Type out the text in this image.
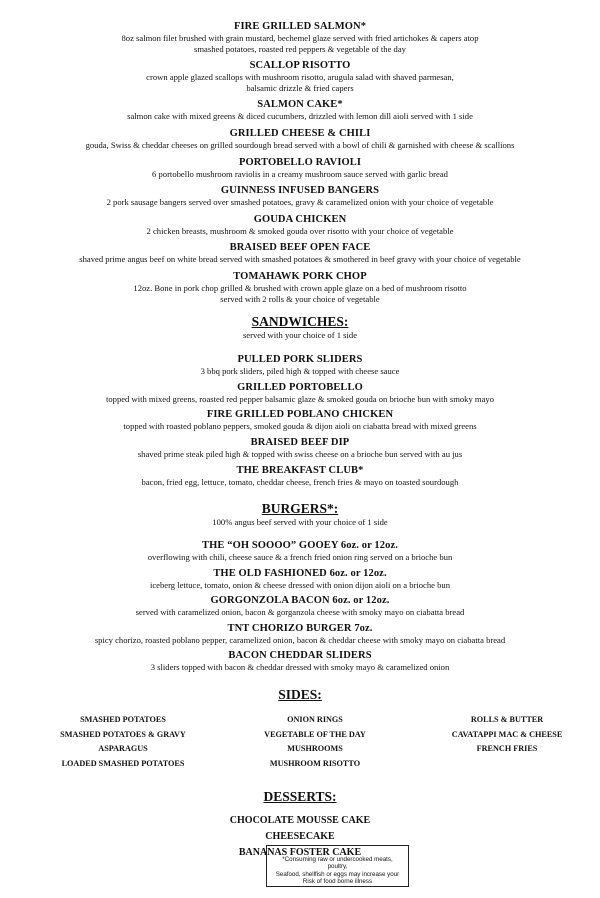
FIRE GRILLED SALMON*
8oz salmon filet brushed with grain mustard, bechemel glaze served with fried artichokes & capers atop
smashed potatoes, roasted red peppers & vegetable of the day
SCALLOP RISOTTO
crown apple glazed scallops with mushroom risotto, arugula salad with shaved parmesan,
balsamic drizzle & fried capers
SALMON CAKE*
salmon cake with mixed greens & diced cucumbers, drizzled with lemon dill aioli served with 1 side
GRILLED CHEESE & CHILI
gouda, Swiss & cheddar cheeses on grilled sourdough bread served with a bowl of chili & garnished with cheese & scallions
PORTOBELLO RAVIOLI
6 portobello mushroom raviolis in a creamy mushroom sauce served with garlic bread
GUINNESS INFUSED BANGERS
2 pork sausage bangers served over smashed potatoes, gravy & caramelized onion with your choice of vegetable
GOUDA CHICKEN
2 chicken breasts, mushroom & smoked gouda over risotto with your choice of vegetable
BRAISED BEEF OPEN FACE
shaved prime angus beef on white bread served with smashed potatoes & smothered in beef gravy with your choice of vegetable
TOMAHAWK PORK CHOP
12oz. Bone in pork chop grilled & brushed with crown apple glaze on a bed of mushroom risotto
served with 2 rolls & your choice of vegetable
SANDWICHES:
served with your choice of 1 side
PULLED PORK SLIDERS
3 bbq pork sliders, piled high & topped with cheese sauce
GRILLED PORTOBELLO
topped with mixed greens, roasted red pepper balsamic glaze & smoked gouda on brioche bun with smoky mayo
FIRE GRILLED POBLANO CHICKEN
topped with roasted poblano peppers, smoked gouda & dijon aioli on ciabatta bread with mixed greens
BRAISED BEEF DIP
shaved prime steak piled high & topped with swiss cheese on a brioche bun served with au jus
THE BREAKFAST CLUB*
bacon, fried egg, lettuce, tomato, cheddar cheese, french fries & mayo on toasted sourdough
BURGERS*:
100% angus beef served with your choice of 1 side
THE “OH SOOOO” GOOEY 6oz. or 12oz.
overflowing with chili, cheese sauce & a french fried onion ring served on a brioche bun
THE OLD FASHIONED 6oz. or 12oz.
iceberg lettuce, tomato, onion & cheese dressed with onion dijon aioli on a brioche bun
GORGONZOLA BACON 6oz. or 12oz.
served with caramelized onion, bacon & gorganzola cheese with smoky mayo on ciabatta bread
TNT CHORIZO BURGER 7oz.
spicy chorizo, roasted poblano pepper, caramelized onion, bacon & cheddar cheese with smoky mayo on ciabatta bread
BACON CHEDDAR SLIDERS
3 sliders topped with bacon & cheddar dressed with smoky mayo & caramelized onion
SIDES:
SMASHED POTATOES
SMASHED POTATOES & GRAVY
ASPARAGUS
LOADED SMASHED POTATOES
ONION RINGS
VEGETABLE OF THE DAY
MUSHROOMS
MUSHROOM RISOTTO
ROLLS & BUTTER
CAVATAPPI MAC & CHEESE
FRENCH FRIES
DESSERTS:
CHOCOLATE MOUSSE CAKE
CHEESECAKE
BANANAS FOSTER CAKE
*Consuming raw or undercooked meats, poultry,
Seafood, shellfish or eggs may increase your
Risk of food borne illness
